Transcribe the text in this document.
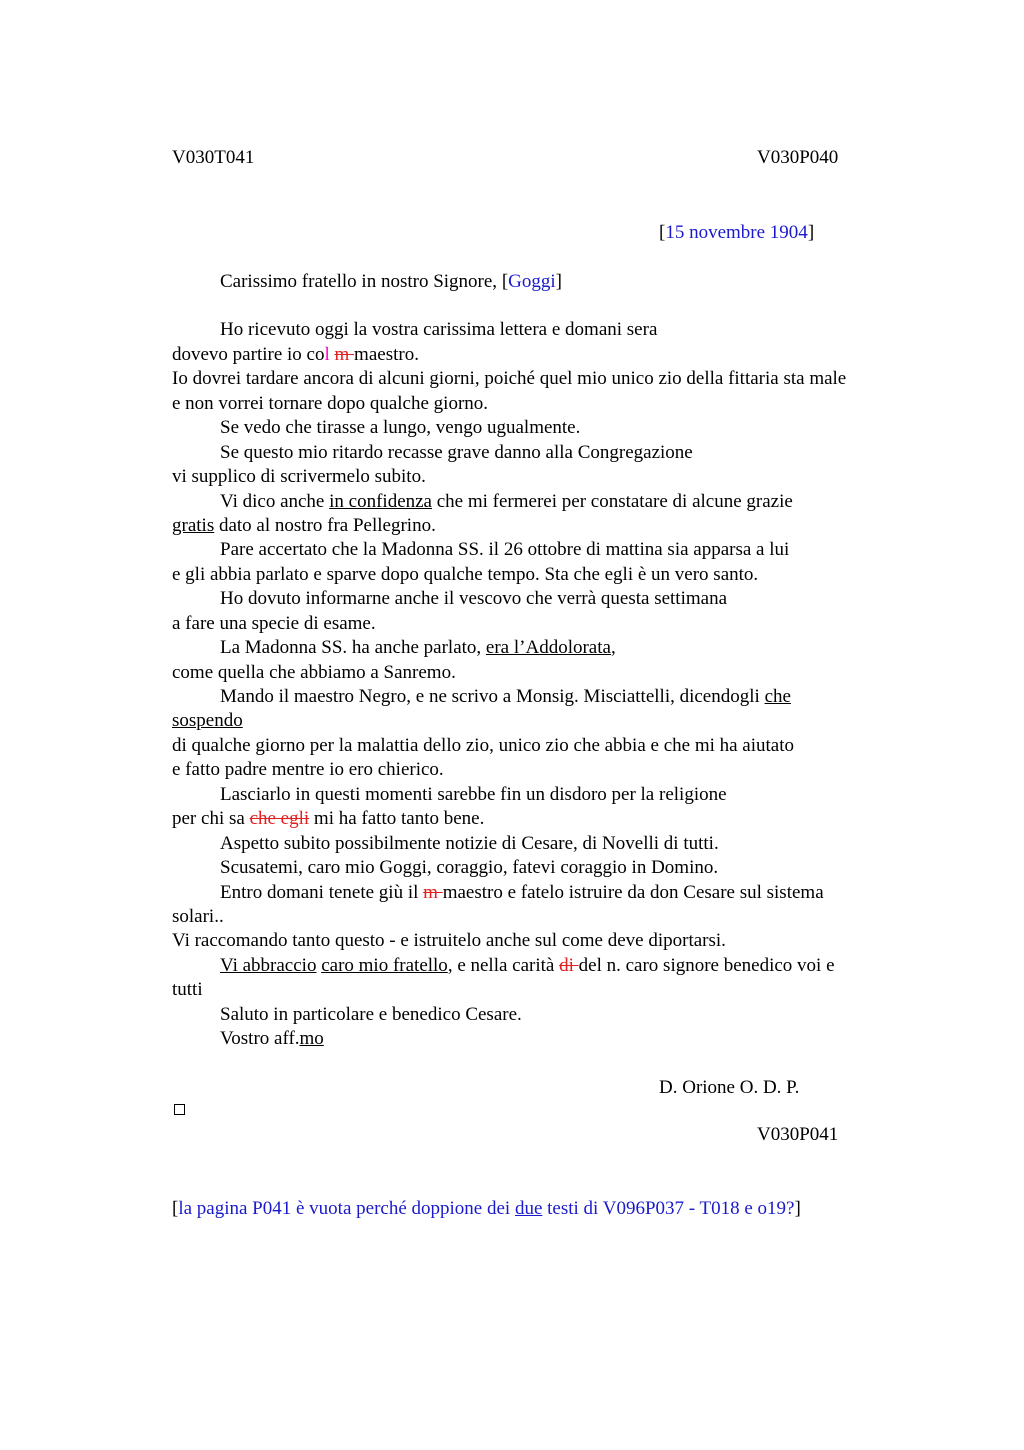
V030T041	V030P040
[15 novembre 1904]
Carissimo fratello in nostro Signore, [Goggi]
Ho ricevuto oggi la vostra carissima lettera e domani sera
dovevo partire io col m maestro.
Io dovrei tardare ancora di alcuni giorni, poiché quel mio unico zio della fittaria sta male
e non vorrei tornare dopo qualche giorno.
Se vedo che tirasse a lungo, vengo ugualmente.
Se questo mio ritardo recasse grave danno alla Congregazione
vi supplico di scrivermelo subito.
Vi dico anche in confidenza che mi fermerei per constatare di alcune grazie
gratis dato al nostro fra Pellegrino.
Pare accertato che la Madonna SS. il 26 ottobre di mattina sia apparsa a lui
e gli abbia parlato e sparve dopo qualche tempo. Sta che egli è un vero santo.
Ho dovuto informarne anche il vescovo che verrà questa settimana
a fare una specie di esame.
La Madonna SS. ha anche parlato, era l’Addolorata,
come quella che abbiamo a Sanremo.
Mando il maestro Negro, e ne scrivo a Monsig. Misciattelli, dicendogli che
sospendo
di qualche giorno per la malattia dello zio, unico zio che abbia e che mi ha aiutato
e fatto padre mentre io ero chierico.
Lasciarlo in questi momenti sarebbe fin un disdoro per la religione
per chi sa che egli mi ha fatto tanto bene.
Aspetto subito possibilmente notizie di Cesare, di Novelli di tutti.
Scusatemi, caro mio Goggi, coraggio, fatevi coraggio in Domino.
Entro domani tenete giù il m maestro e fatelo istruire da don Cesare sul sistema
solari..
Vi raccomando tanto questo - e istruitelo anche sul come deve diportarsi.
Vi abbraccio caro mio fratello, e nella carità di del n. caro signore benedico voi e
tutti
Saluto in particolare e benedico Cesare.
Vostro aff.mo
D. Orione O. D. P.
V030P041
[la pagina P041 è vuota perché doppione dei due testi di V096P037 - T018 e o19?]
